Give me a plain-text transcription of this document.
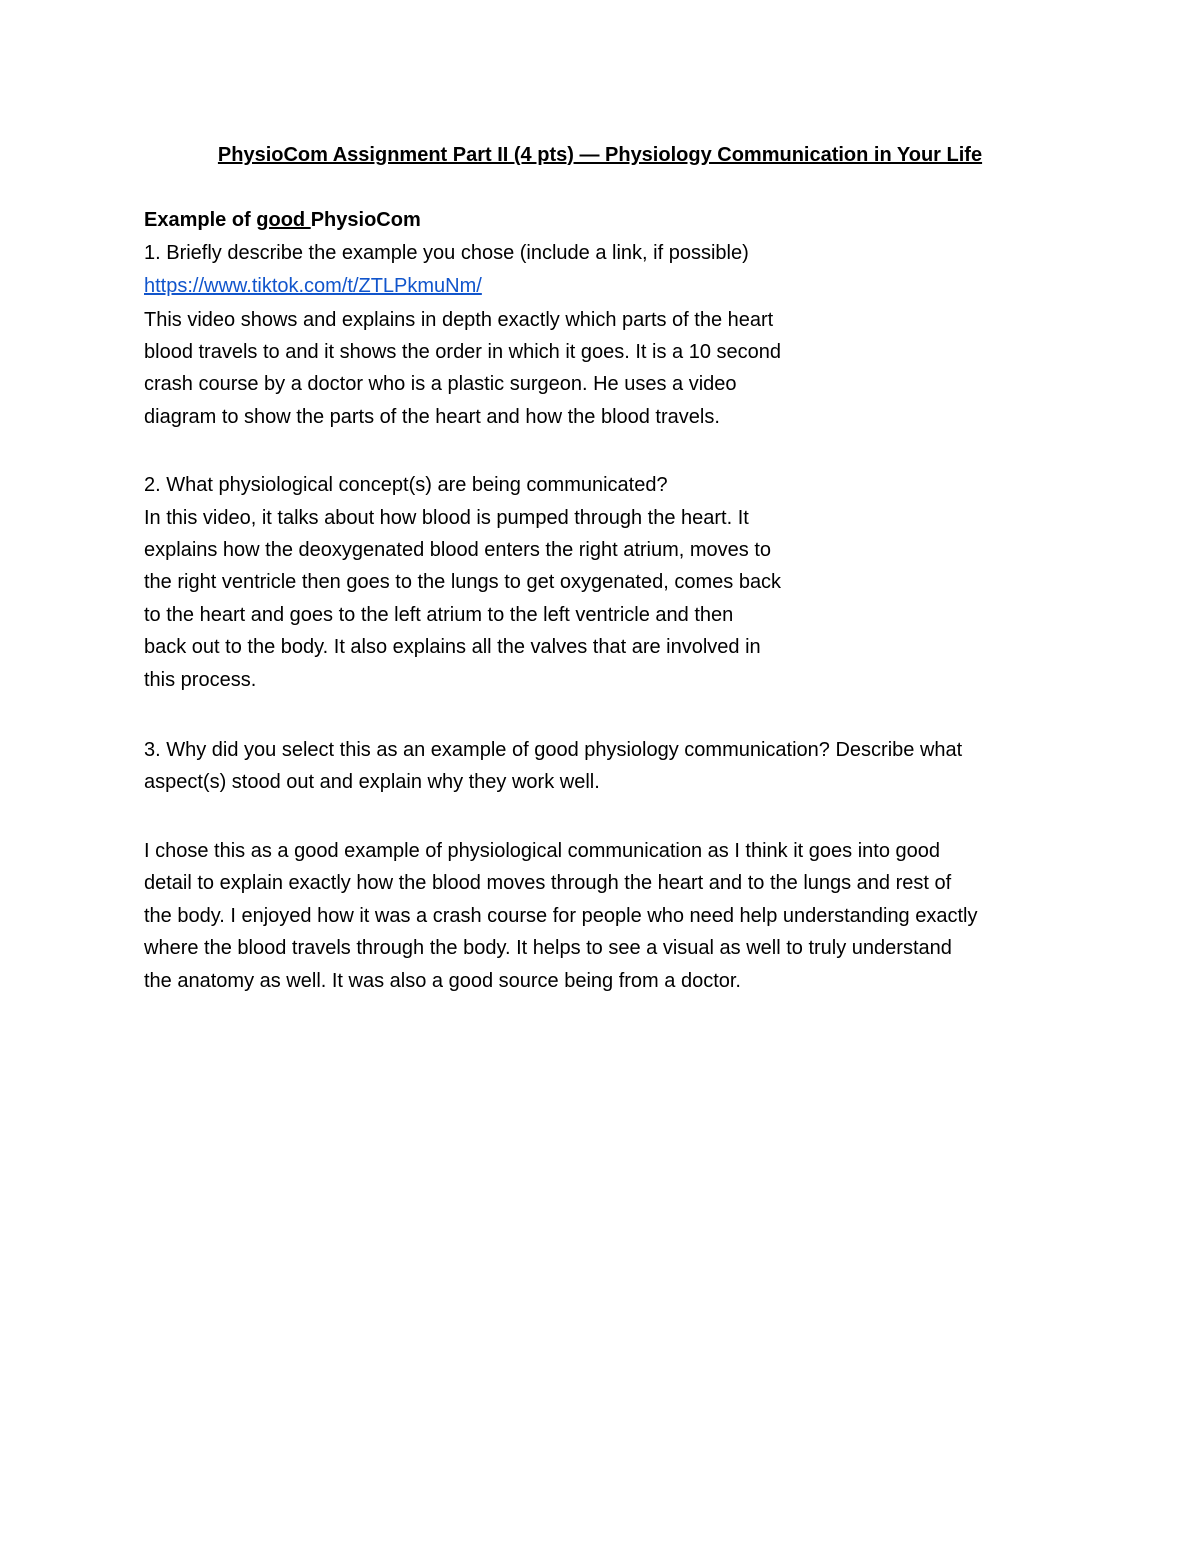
PhysioCom Assignment Part II (4 pts) — Physiology Communication in Your Life
Example of good PhysioCom
1. Briefly describe the example you chose (include a link, if possible)
https://www.tiktok.com/t/ZTLPkmuNm/
This video shows and explains in depth exactly which parts of the heart
blood travels to and it shows the order in which it goes. It is a 10 second
crash course by a doctor who is a plastic surgeon. He uses a video
diagram to show the parts of the heart and how the blood travels.
2. What physiological concept(s) are being communicated?
In this video, it talks about how blood is pumped through the heart. It
explains how the deoxygenated blood enters the right atrium, moves to
the right ventricle then goes to the lungs to get oxygenated, comes back
to the heart and goes to the left atrium to the left ventricle and then
back out to the body. It also explains all the valves that are involved in
this process.
3. Why did you select this as an example of good physiology communication? Describe what
aspect(s) stood out and explain why they work well.
I chose this as a good example of physiological communication as I think it goes into good
detail to explain exactly how the blood moves through the heart and to the lungs and rest of
the body. I enjoyed how it was a crash course for people who need help understanding exactly
where the blood travels through the body. It helps to see a visual as well to truly understand
the anatomy as well. It was also a good source being from a doctor.
